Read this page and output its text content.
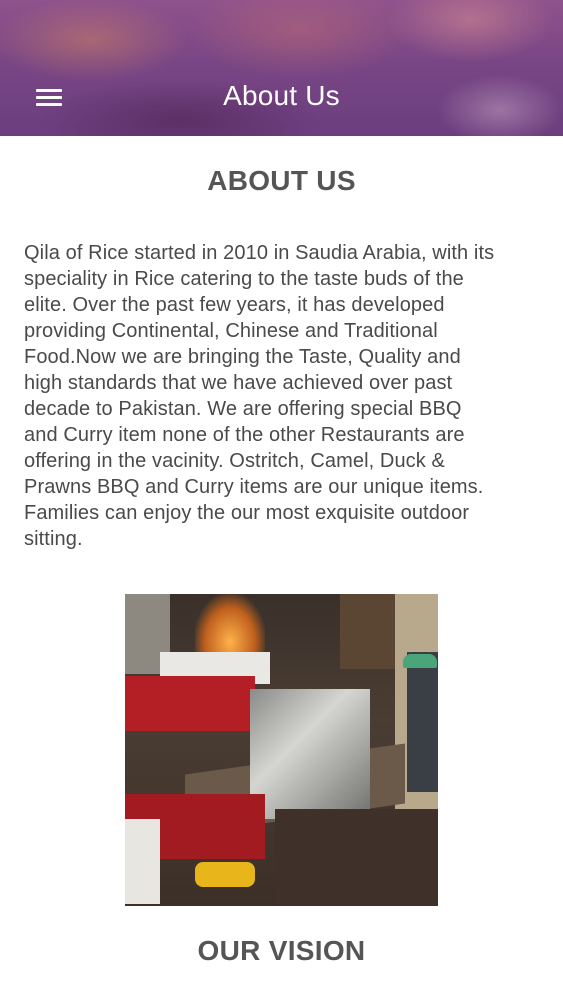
About Us
ABOUT US
Qila of Rice started in 2010 in Saudia Arabia, with its
speciality in Rice catering to the taste buds of the
elite. Over the past few years, it has developed
providing Continental, Chinese and Traditional
Food.Now we are bringing the Taste, Quality and
high standards that we have achieved over past
decade to Pakistan. We are offering special BBQ
and Curry item none of the other Restaurants are
offering in the vacinity. Ostritch, Camel, Duck &
Prawns BBQ and Curry items are our unique items.
Families can enjoy the our most exquisite outdoor
sitting.
OUR VISION
